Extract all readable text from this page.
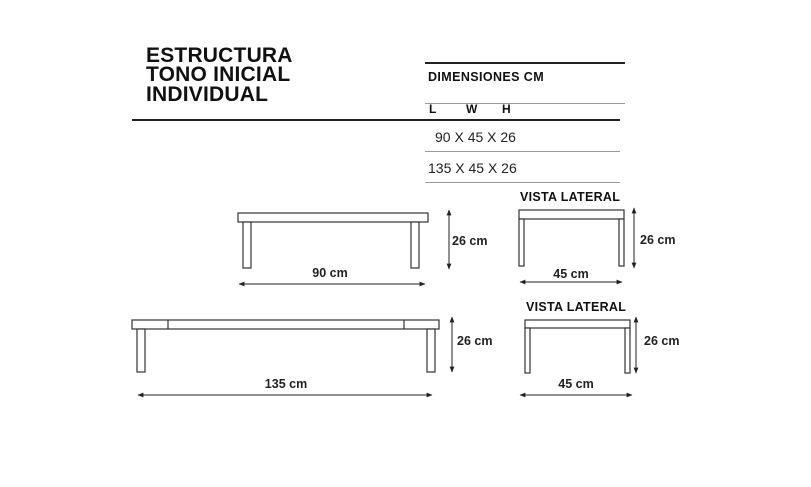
ESTRUCTURA
TONO INICIAL
INDIVIDUAL
DIMENSIONES CM
L W H
90 X 45 X 26
135 X 45 X 26
VISTA LATERAL
VISTA LATERAL
90 cm
26 cm
45 cm
26 cm
135 cm
26 cm
45 cm
26 cm
